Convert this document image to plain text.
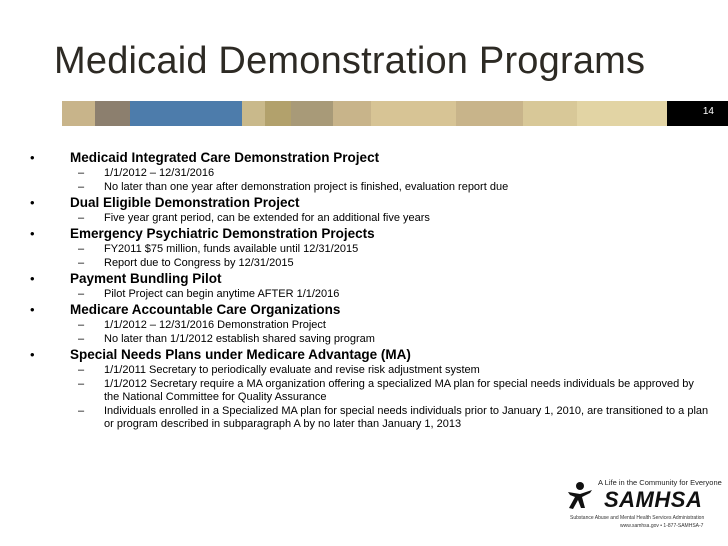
Medicaid Demonstration Programs
14
•	Medicaid Integrated Care Demonstration Project
– 1/1/2012 – 12/31/2016
– No later than one year after demonstration project is finished, evaluation report due
•	Dual Eligible Demonstration Project
– Five year grant period, can be extended for an additional five years
•	Emergency Psychiatric Demonstration Projects
– FY2011 $75 million, funds available until 12/31/2015
– Report due to Congress by 12/31/2015
•	Payment Bundling Pilot
– Pilot Project can begin anytime AFTER 1/1/2016
•	Medicare Accountable Care Organizations
– 1/1/2012 – 12/31/2016 Demonstration Project
– No later than 1/1/2012 establish shared saving program
•	Special Needs Plans under Medicare Advantage (MA)
– 1/1/2011 Secretary to periodically evaluate and revise risk adjustment system
– 1/1/2012 Secretary require a MA organization offering a specialized MA plan for special needs individuals be approved by the National Committee for Quality Assurance
– Individuals enrolled in a Specialized MA plan for special needs individuals prior to January 1, 2010, are transitioned to a plan or program described in subparagraph A by no later than January 1, 2013
A Life in the Community for Everyone
SAMHSA
Substance Abuse and Mental Health Services Administration
www.samhsa.gov • 1-877-SAMHSA-7
